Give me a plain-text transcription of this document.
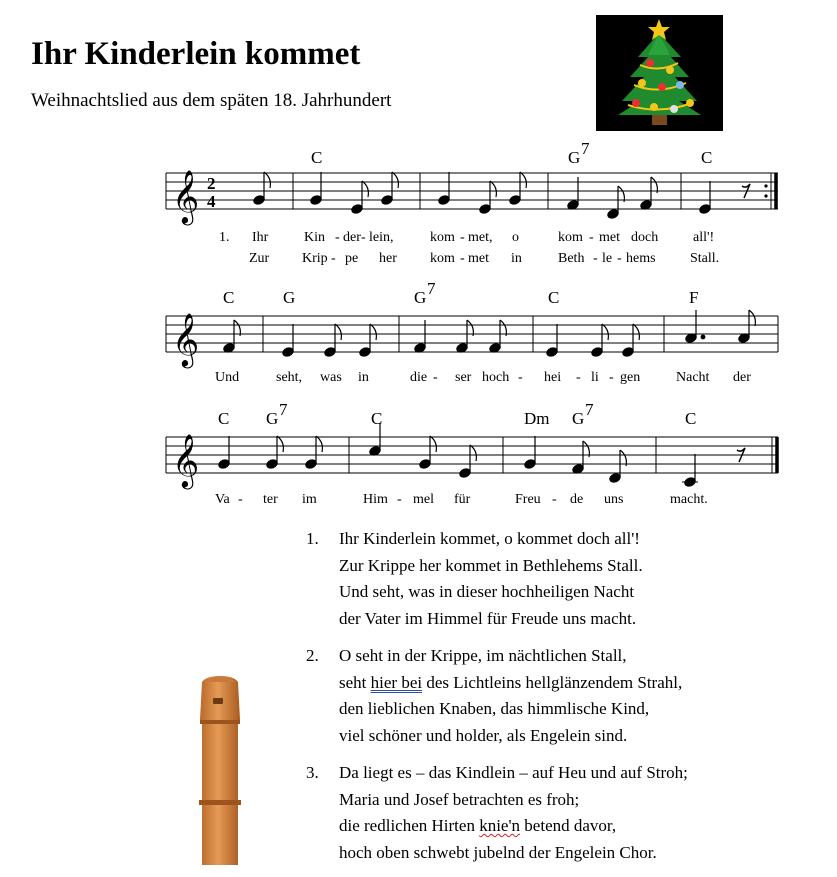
Ihr Kinderlein kommet
Weihnachtslied aus dem späten 18. Jahrhundert
𝄞 2
4
C	G 7	C
1. Ihr	Kin - der - lein,	kom - met, o	kom - met doch all'!
Zur Krip - pe her kom - met in	Beth - le - hems Stall.
𝄞
C	G	G 7	C	F
Und	seht, was in	die - ser hoch - hei - li - gen	Nacht der
𝄞
C G 7	C	Dm G 7	C
Va - ter im	Him - mel für	Freu - de uns	macht.
1. Ihr Kinderlein kommet, o kommet doch all'!
Zur Krippe her kommet in Bethlehems Stall.
Und seht, was in dieser hochheiligen Nacht
der Vater im Himmel für Freude uns macht.
2. O seht in der Krippe, im nächtlichen Stall,
seht hier bei des Lichtleins hellglänzendem Strahl,
den lieblichen Knaben, das himmlische Kind,
viel schöner und holder, als Engelein sind.
3. Da liegt es – das Kindlein – auf Heu und auf Stroh;
Maria und Josef betrachten es froh;
die redlichen Hirten knie'n betend davor,
hoch oben schwebt jubelnd der Engelein Chor.
